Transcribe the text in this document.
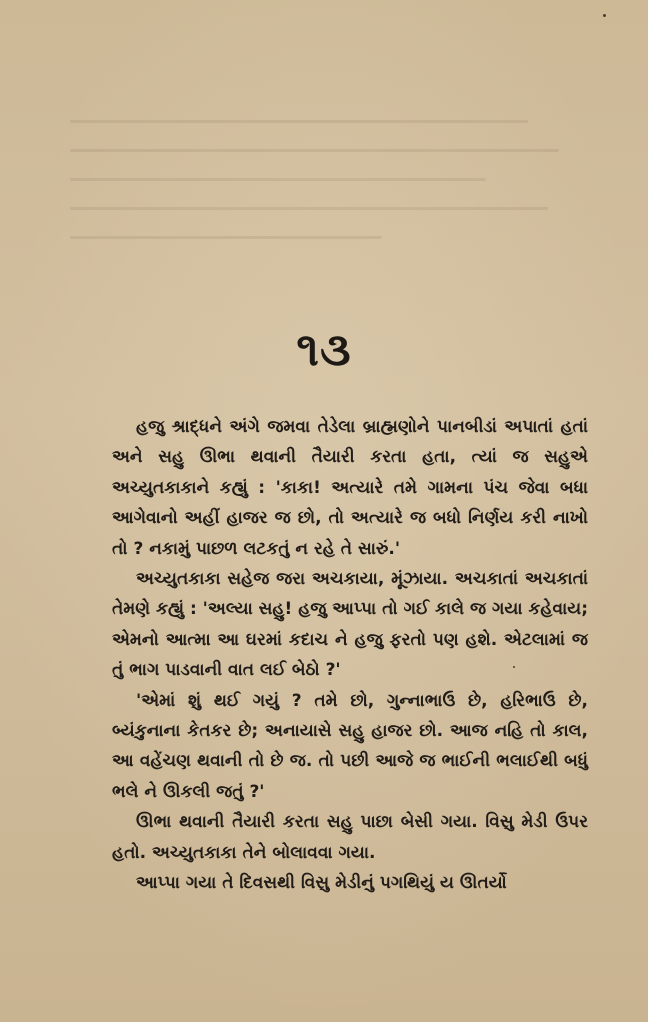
૧૩

હજુ શ્રાદ્ધને અંગે જમવા તેડેલા બ્રાહ્મણોને પાનબીડાં અપાતાં હતાં અને સહુ ઊભા થવાની તૈયારી કરતા હતા, ત્યાં જ સહુએ અચ્યુતકાકાને કહ્યું : 'કાકા! અત્યારે તમે ગામના પંચ જેવા બધા આગેવાનો અહીં હાજર જ છો, તો અત્યારે જ બધો નિર્ણય કરી નાખો તો ? નકામું પાછળ લટકતું ન રહે તે સારું.'

અચ્યુતકાકા સહેજ જરા અચકાયા, મૂંઝાયા. અચકાતાં અચકાતાં તેમણે કહ્યું : 'અલ્યા સહુ! હજુ આપ્પા તો ગઈ કાલે જ ગયા કહેવાય; એમનો આત્મા આ ઘરમાં કદાચ ને હજુ ફરતો પણ હશે. એટલામાં જ તું ભાગ પાડવાની વાત લઈ બેઠો ?'

'એમાં શું થઈ ગયું ? તમે છો, ગુન્નાભાઉ છે, હરિભાઉ છે, બ્યંકુનાના કેતકર છે; અનાયાસે સહુ હાજર છો. આજ નહિ તો કાલ, આ વહેંચણ થવાની તો છે જ. તો પછી આજે જ ભાઈની ભલાઈથી બધું ભલે ને ઊકલી જતું ?'

ઊભા થવાની તૈયારી કરતા સહુ પાછા બેસી ગયા. વિસુ મેડી ઉપર હતો. અચ્યુતકાકા તેને બોલાવવા ગયા.

આપ્પા ગયા તે દિવસથી વિસુ મેડીનું પગથિયું ય ઊતર્યો
